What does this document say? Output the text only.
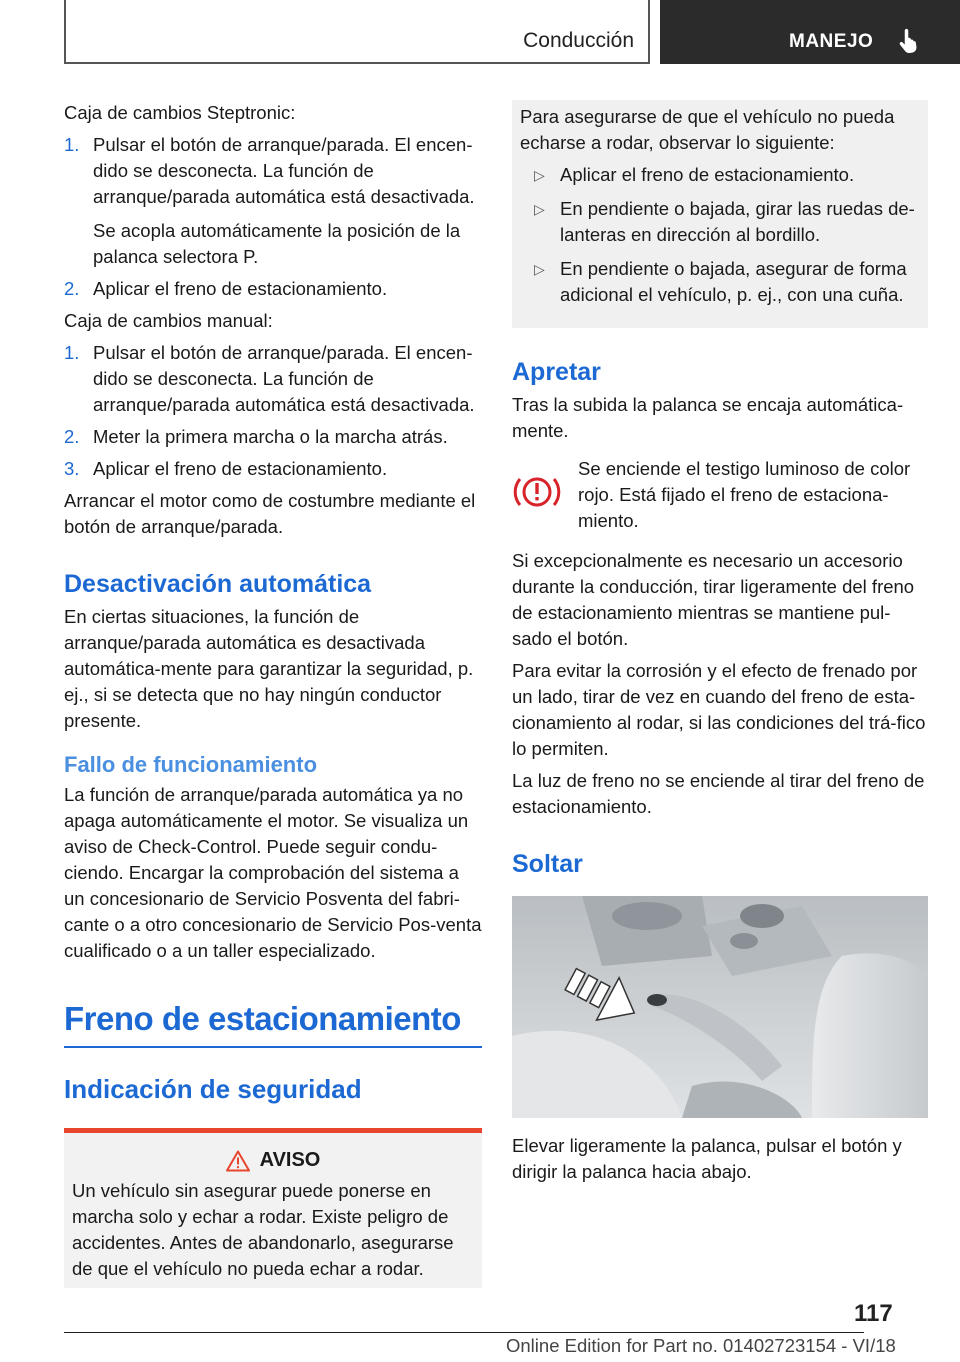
Conducción	MANEJO

Caja de cambios Steptronic:

1. Pulsar el botón de arranque/parada. El encen-dido se desconecta. La función de arranque/parada automática está desactivada.
Se acopla automáticamente la posición de la palanca selectora P.
2. Aplicar el freno de estacionamiento.

Caja de cambios manual:

1. Pulsar el botón de arranque/parada. El encen-dido se desconecta. La función de arranque/parada automática está desactivada.
2. Meter la primera marcha o la marcha atrás.
3. Aplicar el freno de estacionamiento.

Arrancar el motor como de costumbre mediante el botón de arranque/parada.

Desactivación automática

En ciertas situaciones, la función de arranque/parada automática es desactivada automática-mente para garantizar la seguridad, p. ej., si se detecta que no hay ningún conductor presente.

Fallo de funcionamiento

La función de arranque/parada automática ya no apaga automáticamente el motor. Se visualiza un aviso de Check-Control. Puede seguir condu-ciendo. Encargar la comprobación del sistema a un concesionario de Servicio Posventa del fabri-cante o a otro concesionario de Servicio Pos-venta cualificado o a un taller especializado.

Freno de estacionamiento
Indicación de seguridad
AVISO

Un vehículo sin asegurar puede ponerse en marcha solo y echar a rodar. Existe peligro de accidentes. Antes de abandonarlo, asegurarse de que el vehículo no pueda echar a rodar.

Para asegurarse de que el vehículo no pueda echarse a rodar, observar lo siguiente:

▷ Aplicar el freno de estacionamiento.
▷ En pendiente o bajada, girar las ruedas de-lanteras en dirección al bordillo.
▷ En pendiente o bajada, asegurar de forma adicional el vehículo, p. ej., con una cuña.
Apretar

Tras la subida la palanca se encaja automática-mente.

Se enciende el testigo luminoso de color rojo. Está fijado el freno de estaciona-miento.

Si excepcionalmente es necesario un accesorio durante la conducción, tirar ligeramente del freno de estacionamiento mientras se mantiene pul-sado el botón.

Para evitar la corrosión y el efecto de frenado por un lado, tirar de vez en cuando del freno de esta-cionamiento al rodar, si las condiciones del trá-fico lo permiten.

La luz de freno no se enciende al tirar del freno de estacionamiento.

Soltar

Elevar ligeramente la palanca, pulsar el botón y dirigir la palanca hacia abajo.

117
Online Edition for Part no. 01402723154 - VI/18
